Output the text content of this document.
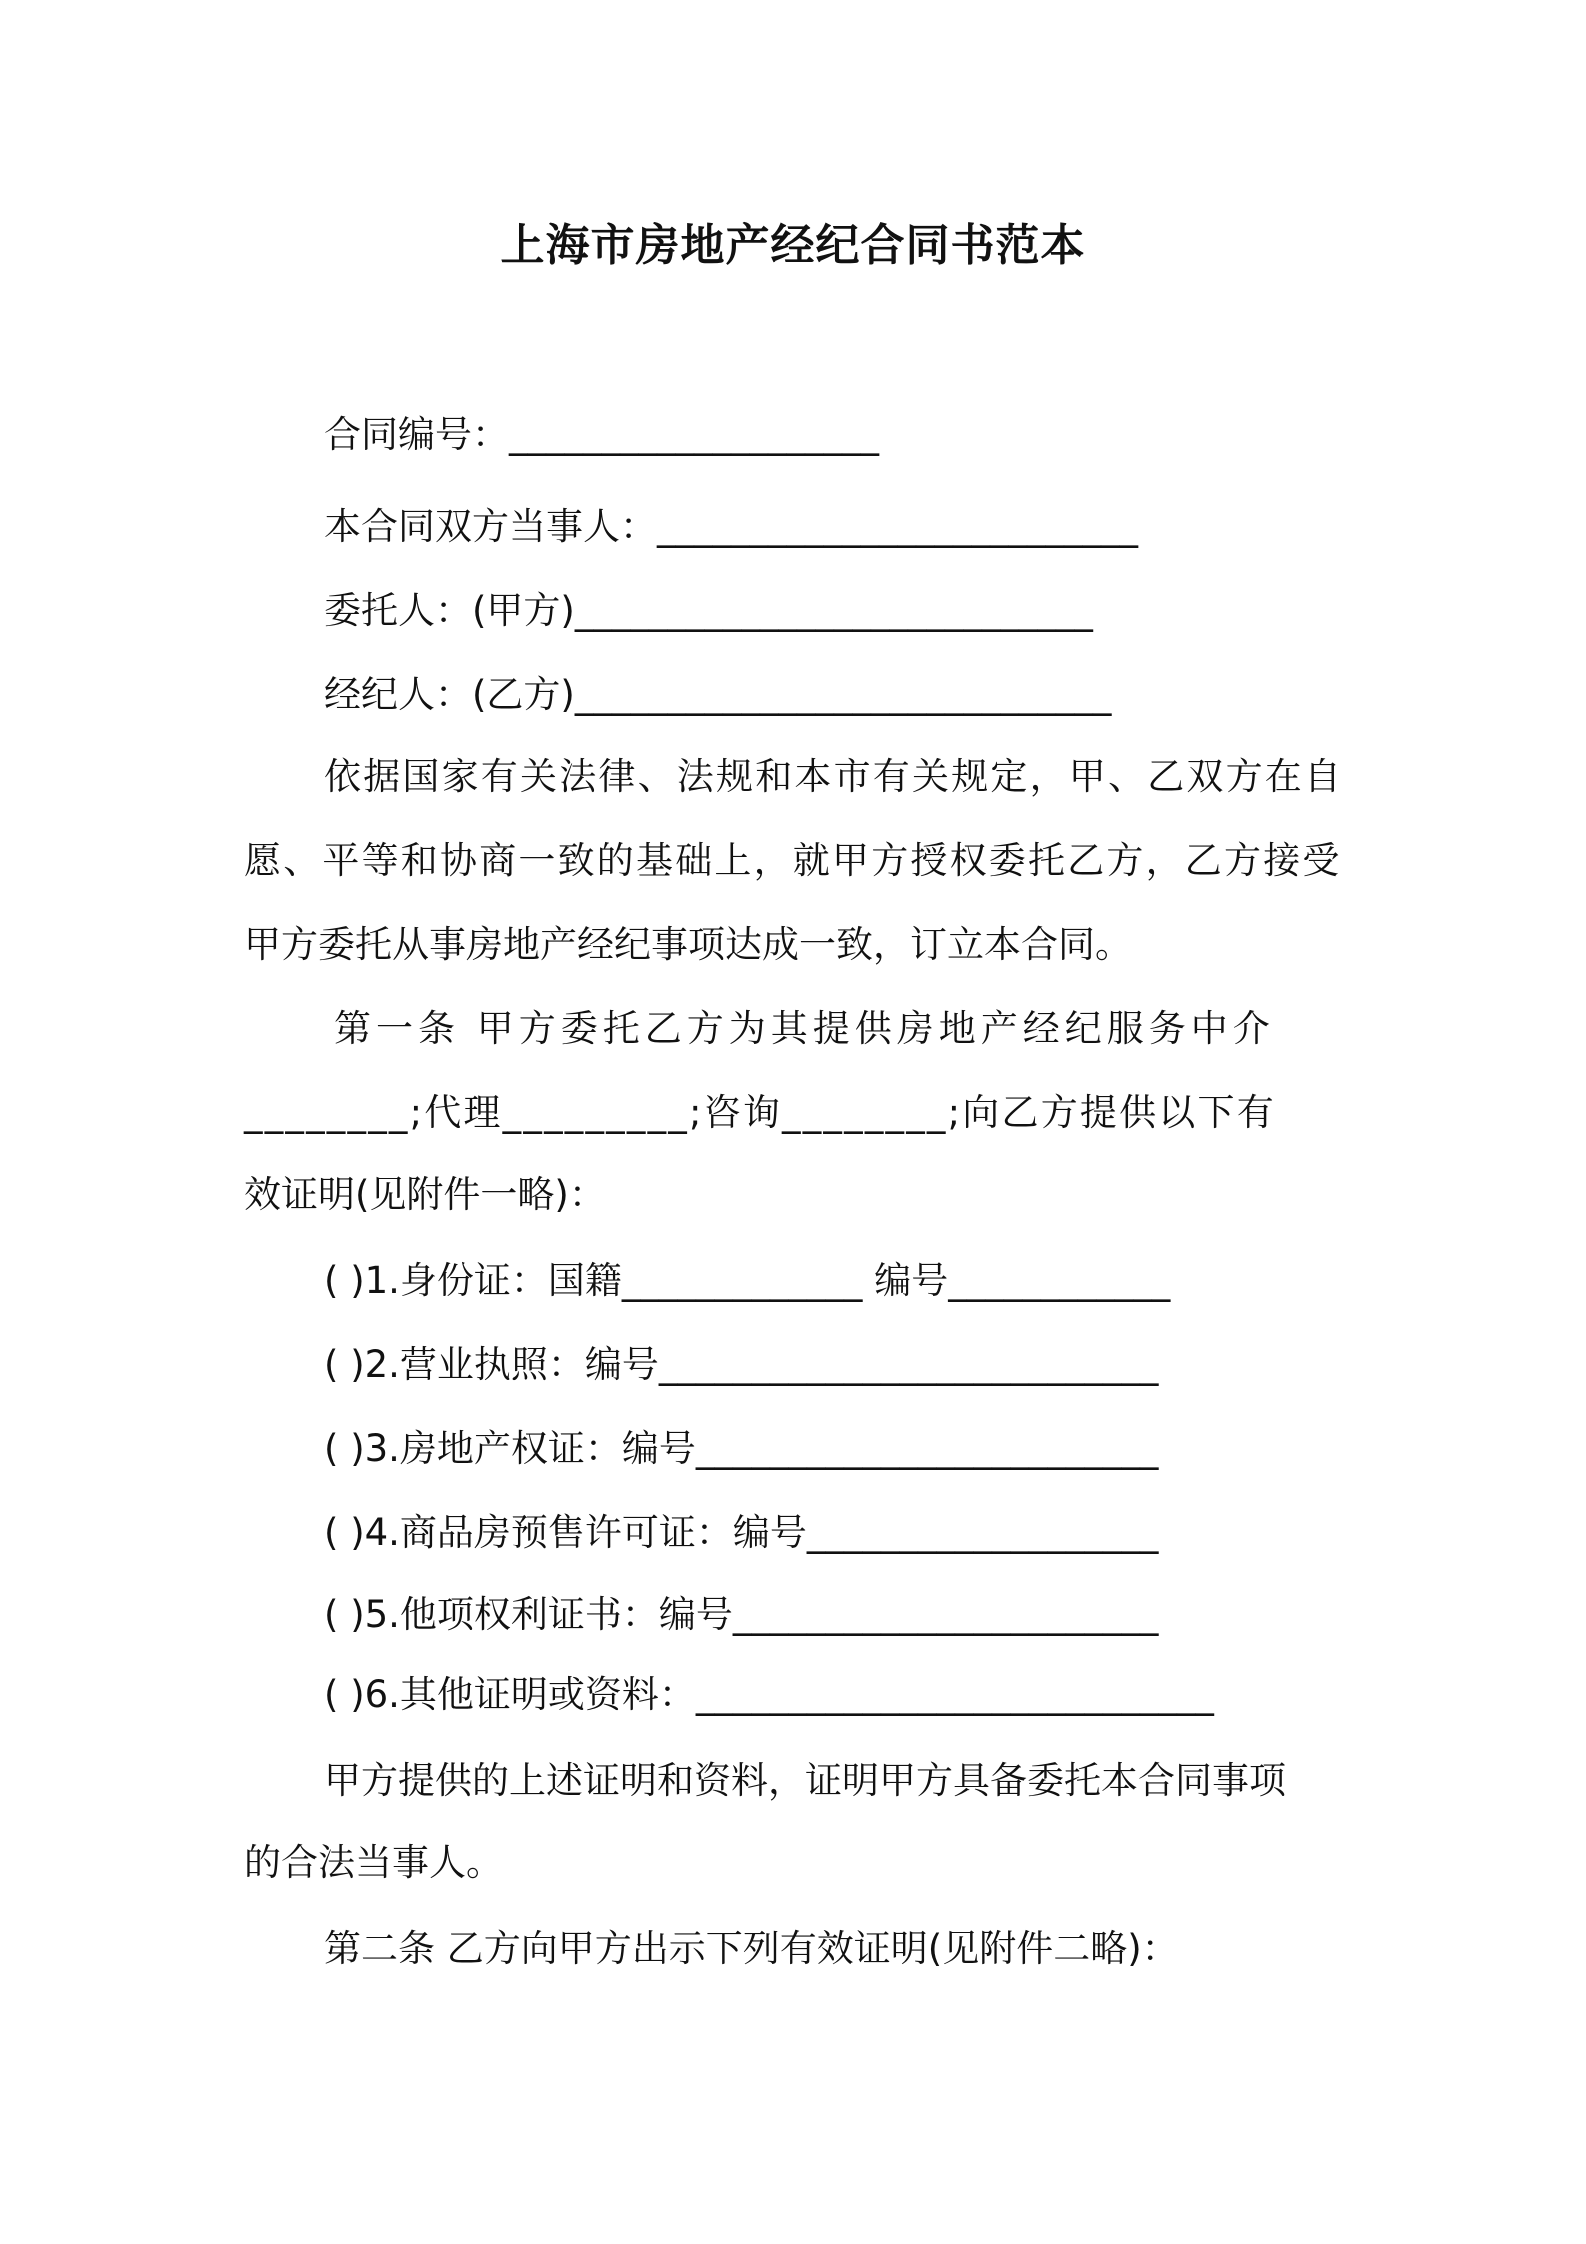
上海市房地产经纪合同书范本
合同编号：____________________
本合同双方当事人：__________________________
委托人：(甲方)____________________________
经纪人：(乙方)_____________________________
依据国家有关法律、法规和本市有关规定，甲、乙双方在自
愿、平等和协商一致的基础上，就甲方授权委托乙方，乙方接受
甲方委托从事房地产经纪事项达成一致，订立本合同。
第一条 甲方委托乙方为其提供房地产经纪服务中介
________;代理_________;咨询________;向乙方提供以下有
效证明(见附件一略)：
( )1.身份证：国籍_____________ 编号____________
( )2.营业执照：编号___________________________
( )3.房地产权证：编号_________________________
( )4.商品房预售许可证：编号___________________
( )5.他项权利证书：编号_______________________
( )6.其他证明或资料：____________________________
甲方提供的上述证明和资料，证明甲方具备委托本合同事项
的合法当事人。
第二条 乙方向甲方出示下列有效证明(见附件二略)：
